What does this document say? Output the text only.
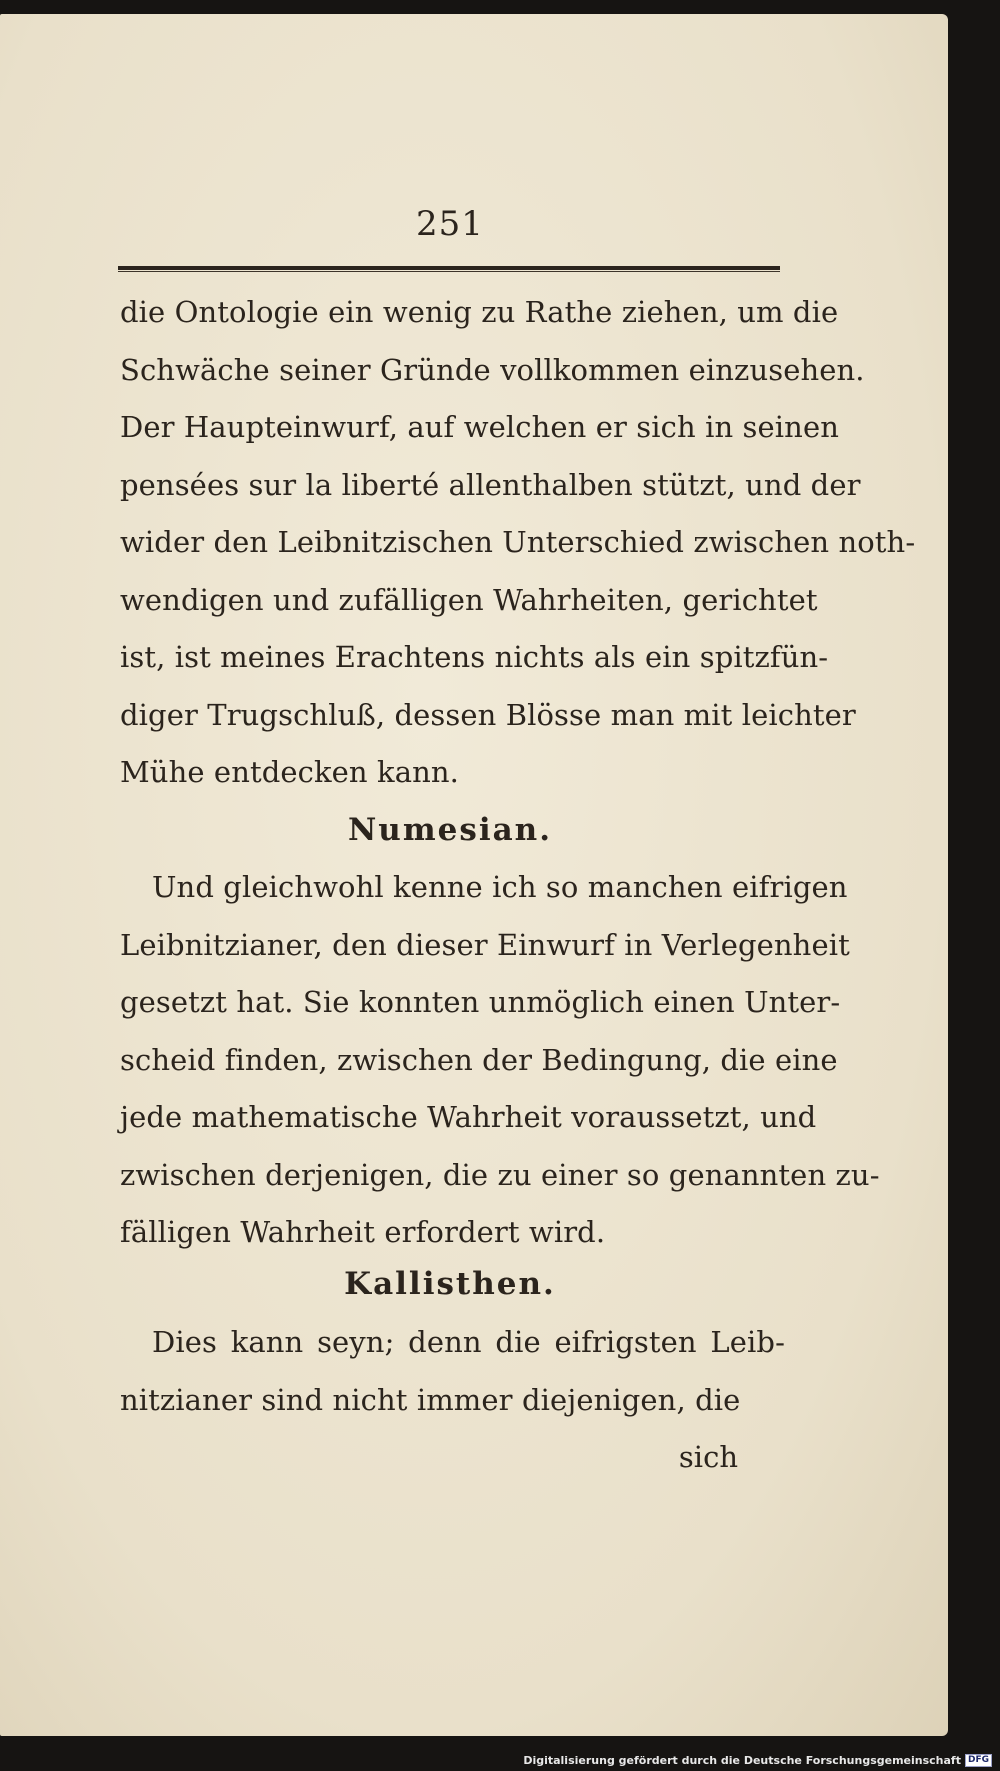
251
die Ontologie ein wenig zu Rathe ziehen, um die
Schwäche seiner Gründe vollkommen einzusehen.
Der Haupteinwurf, auf welchen er sich in seinen
pensées sur la liberté allenthalben stützt, und der
wider den Leibnitzischen Unterschied zwischen noth-
wendigen und zufälligen Wahrheiten, gerichtet
ist, ist meines Erachtens nichts als ein spitzfün-
diger Trugschluß, dessen Blösse man mit leichter
Mühe entdecken kann.
Numesian.
Und gleichwohl kenne ich so manchen eifrigen
Leibnitzianer, den dieser Einwurf in Verlegenheit
gesetzt hat. Sie konnten unmöglich einen Unter-
scheid finden, zwischen der Bedingung, die eine
jede mathematische Wahrheit voraussetzt, und
zwischen derjenigen, die zu einer so genannten zu-
fälligen Wahrheit erfordert wird.
Kallisthen.
Dies kann seyn; denn die eifrigsten Leib-
nitzianer sind nicht immer diejenigen, die
sich
Digitalisierung gefördert durch die Deutsche Forschungsgemeinschaft DFG
